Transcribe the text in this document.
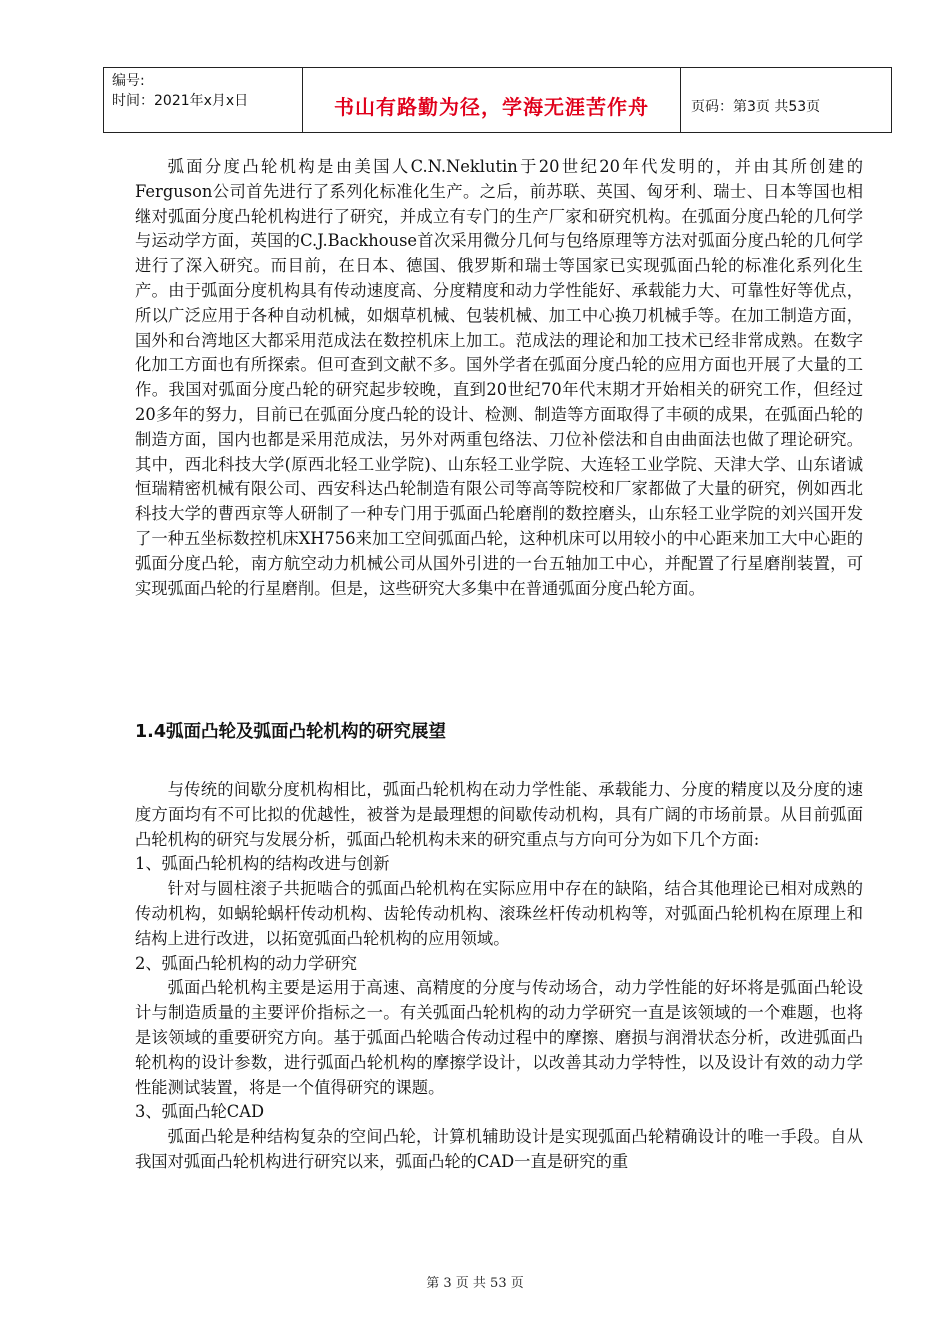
编号:
时间：2021年x月x日	书山有路勤为径，学海无涯苦作舟	页码：第3页 共53页

弧面分度凸轮机构是由美国人C.N.Neklutin于20世纪20年代发明的，并由其所创建的Ferguson公司首先进行了系列化标准化生产。之后，前苏联、英国、匈牙利、瑞士、日本等国也相继对弧面分度凸轮机构进行了研究，并成立有专门的生产厂家和研究机构。在弧面分度凸轮的几何学与运动学方面，英国的C.J.Backhouse首次采用微分几何与包络原理等方法对弧面分度凸轮的几何学进行了深入研究。而目前，在日本、德国、俄罗斯和瑞士等国家已实现弧面凸轮的标准化系列化生产。由于弧面分度机构具有传动速度高、分度精度和动力学性能好、承载能力大、可靠性好等优点，所以广泛应用于各种自动机械，如烟草机械、包装机械、加工中心换刀机械手等。在加工制造方面，国外和台湾地区大都采用范成法在数控机床上加工。范成法的理论和加工技术已经非常成熟。在数字化加工方面也有所探索。但可查到文献不多。国外学者在弧面分度凸轮的应用方面也开展了大量的工作。我国对弧面分度凸轮的研究起步较晚，直到20世纪70年代末期才开始相关的研究工作，但经过20多年的努力，目前已在弧面分度凸轮的设计、检测、制造等方面取得了丰硕的成果，在弧面凸轮的制造方面，国内也都是采用范成法，另外对两重包络法、刀位补偿法和自由曲面法也做了理论研究。其中，西北科技大学(原西北轻工业学院)、山东轻工业学院、大连轻工业学院、天津大学、山东诸诚恒瑞精密机械有限公司、西安科达凸轮制造有限公司等高等院校和厂家都做了大量的研究，例如西北科技大学的曹西京等人研制了一种专门用于弧面凸轮磨削的数控磨头，山东轻工业学院的刘兴国开发了一种五坐标数控机床XH756来加工空间弧面凸轮，这种机床可以用较小的中心距来加工大中心距的弧面分度凸轮，南方航空动力机械公司从国外引进的一台五轴加工中心，并配置了行星磨削装置，可实现弧面凸轮的行星磨削。但是，这些研究大多集中在普通弧面分度凸轮方面。

1.4弧面凸轮及弧面凸轮机构的研究展望

与传统的间歇分度机构相比，弧面凸轮机构在动力学性能、承载能力、分度的精度以及分度的速度方面均有不可比拟的优越性，被誉为是最理想的间歇传动机构，具有广阔的市场前景。从目前弧面凸轮机构的研究与发展分析，弧面凸轮机构未来的研究重点与方向可分为如下几个方面:

1、弧面凸轮机构的结构改进与创新

针对与圆柱滚子共扼啮合的弧面凸轮机构在实际应用中存在的缺陷，结合其他理论已相对成熟的传动机构，如蜗轮蜗杆传动机构、齿轮传动机构、滚珠丝杆传动机构等，对弧面凸轮机构在原理上和结构上进行改进，以拓宽弧面凸轮机构的应用领域。

2、弧面凸轮机构的动力学研究

弧面凸轮机构主要是运用于高速、高精度的分度与传动场合，动力学性能的好坏将是弧面凸轮设计与制造质量的主要评价指标之一。有关弧面凸轮机构的动力学研究一直是该领域的一个难题，也将是该领域的重要研究方向。基于弧面凸轮啮合传动过程中的摩擦、磨损与润滑状态分析，改进弧面凸轮机构的设计参数，进行弧面凸轮机构的摩擦学设计，以改善其动力学特性，以及设计有效的动力学性能测试装置，将是一个值得研究的课题。

3、弧面凸轮CAD

弧面凸轮是种结构复杂的空间凸轮，计算机辅助设计是实现弧面凸轮精确设计的唯一手段。自从我国对弧面凸轮机构进行研究以来，弧面凸轮的CAD一直是研究的重

第 3 页 共 53 页
